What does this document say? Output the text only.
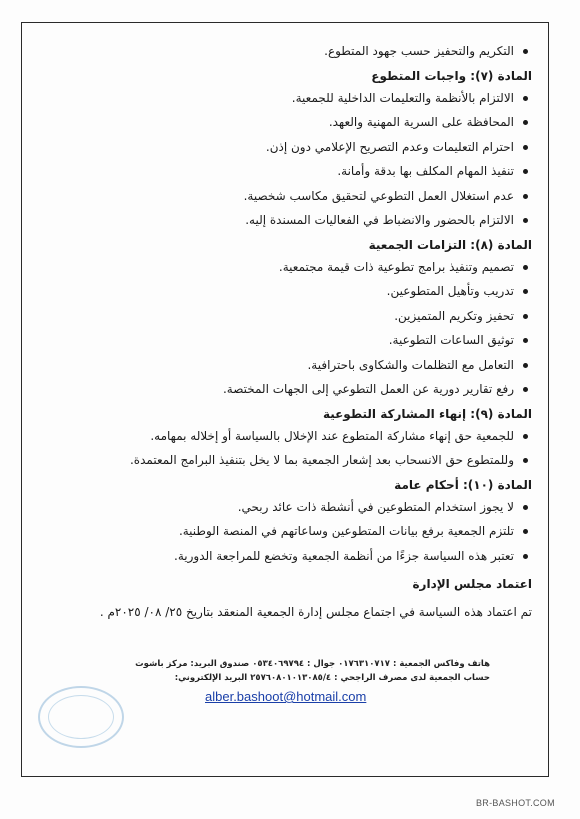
التكريم والتحفيز حسب جهود المتطوع.
المادة (٧): واجبات المتطوع
الالتزام بالأنظمة والتعليمات الداخلية للجمعية.
المحافظة على السرية المهنية والعهد.
احترام التعليمات وعدم التصريح الإعلامي دون إذن.
تنفيذ المهام المكلف بها بدقة وأمانة.
عدم استغلال العمل التطوعي لتحقيق مكاسب شخصية.
الالتزام بالحضور والانضباط في الفعاليات المسندة إليه.
المادة (٨): التزامات الجمعية
تصميم وتنفيذ برامج تطوعية ذات قيمة مجتمعية.
تدريب وتأهيل المتطوعين.
تحفيز وتكريم المتميزين.
توثيق الساعات التطوعية.
التعامل مع التظلمات والشكاوى باحترافية.
رفع تقارير دورية عن العمل التطوعي إلى الجهات المختصة.
المادة (٩): إنهاء المشاركة التطوعية
للجمعية حق إنهاء مشاركة المتطوع عند الإخلال بالسياسة أو إخلاله بمهامه.
وللمتطوع حق الانسحاب بعد إشعار الجمعية بما لا يخل بتنفيذ البرامج المعتمدة.
المادة (١٠): أحكام عامة
لا يجوز استخدام المتطوعين في أنشطة ذات عائد ربحي.
تلتزم الجمعية برفع بيانات المتطوعين وساعاتهم في المنصة الوطنية.
تعتبر هذه السياسة جزءًا من أنظمة الجمعية وتخضع للمراجعة الدورية.
اعتماد مجلس الإدارة
تم اعتماد هذه السياسة في اجتماع مجلس إدارة الجمعية المنعقد بتاريخ ٢٥/ ٠٨/ ٢٠٢٥م .
هاتف وفاكس الجمعية : ٠١٧٦٣١٠٧١٧ جوال : ٠٥٣٤٠٦٩٧٩٤ صندوق البريد: مركز باشوت
حساب الجمعية لدى مصرف الراجحي : ٢٥٧٦٠٨٠١٠١٣٠٨٥/٤ البريد الإلكتروني:
alber.bashoot@hotmail.com
BR-BASHOT.COM
